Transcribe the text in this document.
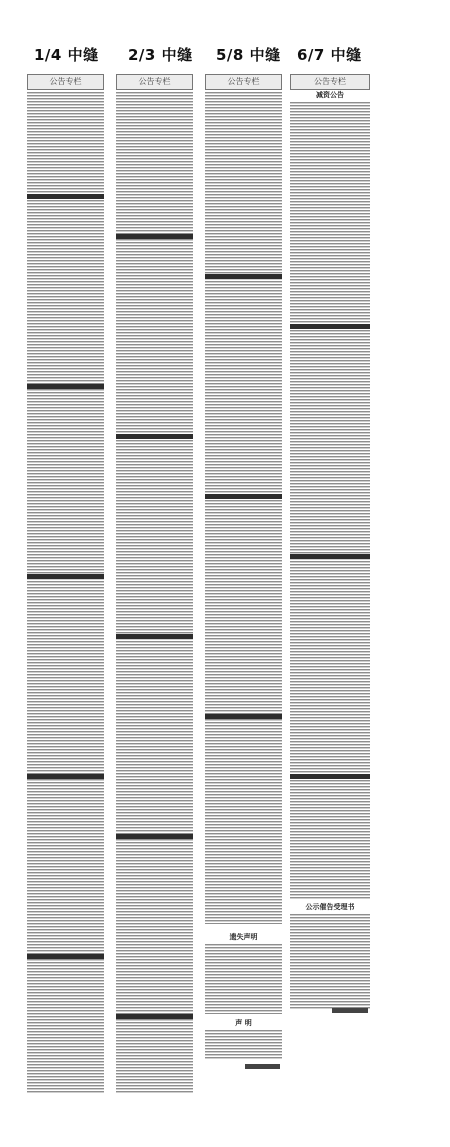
1/4 中缝
公告专栏
2/3 中缝
公告专栏
5/8 中缝
公告专栏
遗失声明
声 明
6/7 中缝
公告专栏
减资公告
公示催告受理书
